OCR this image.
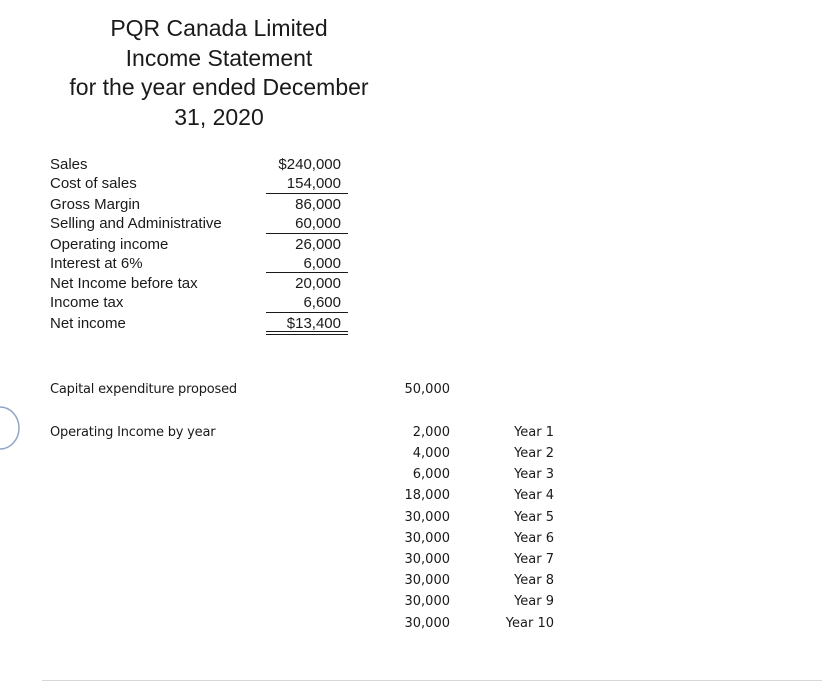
PQR Canada Limited
Income Statement
for the year ended December
31, 2020
Sales
Cost of sales
Gross Margin
Selling and Administrative
Operating income
Interest at 6%
Net Income before tax
Income tax
Net income
$240,000
154,000
86,000
60,000
26,000
6,000
20,000
6,600
$13,400
Capital expenditure proposed	50,000
Operating Income by year	2,000
4,000
6,000
18,000
30,000
30,000
30,000
30,000
30,000
30,000
Year 1
Year 2
Year 3
Year 4
Year 5
Year 6
Year 7
Year 8
Year 9
Year 10
